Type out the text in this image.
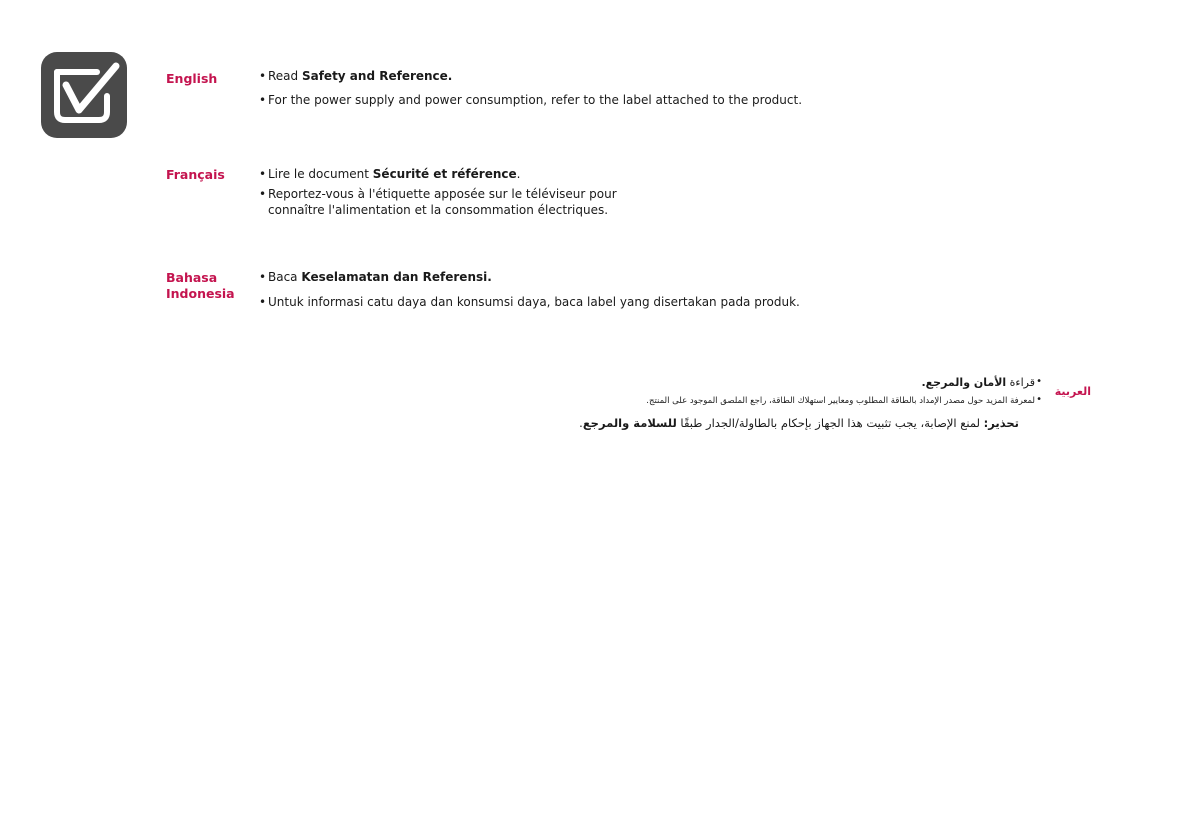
English	• Read Safety and Reference.
• For the power supply and power consumption, refer to the label attached to the product.
Français	• Lire le document Sécurité et référence.
• Reportez-vous à l'étiquette apposée sur le téléviseur pour
connaître l'alimentation et la consommation électriques.
Bahasa
Indonesia
• Baca Keselamatan dan Referensi.
• Untuk informasi catu daya dan konsumsi daya, baca label yang disertakan pada produk.
العربية
•
قراءة الأمان والمرجع.
•
لمعرفة المزيد حول مصدر الإمداد بالطاقة المطلوب ومعايير استهلاك الطاقة، راجع الملصق الموجود على المنتج.
تحذير: لمنع الإصابة، يجب تثبيت هذا الجهاز بإحكام بالطاولة/الجدار طبقًا للسلامة والمرجع.
